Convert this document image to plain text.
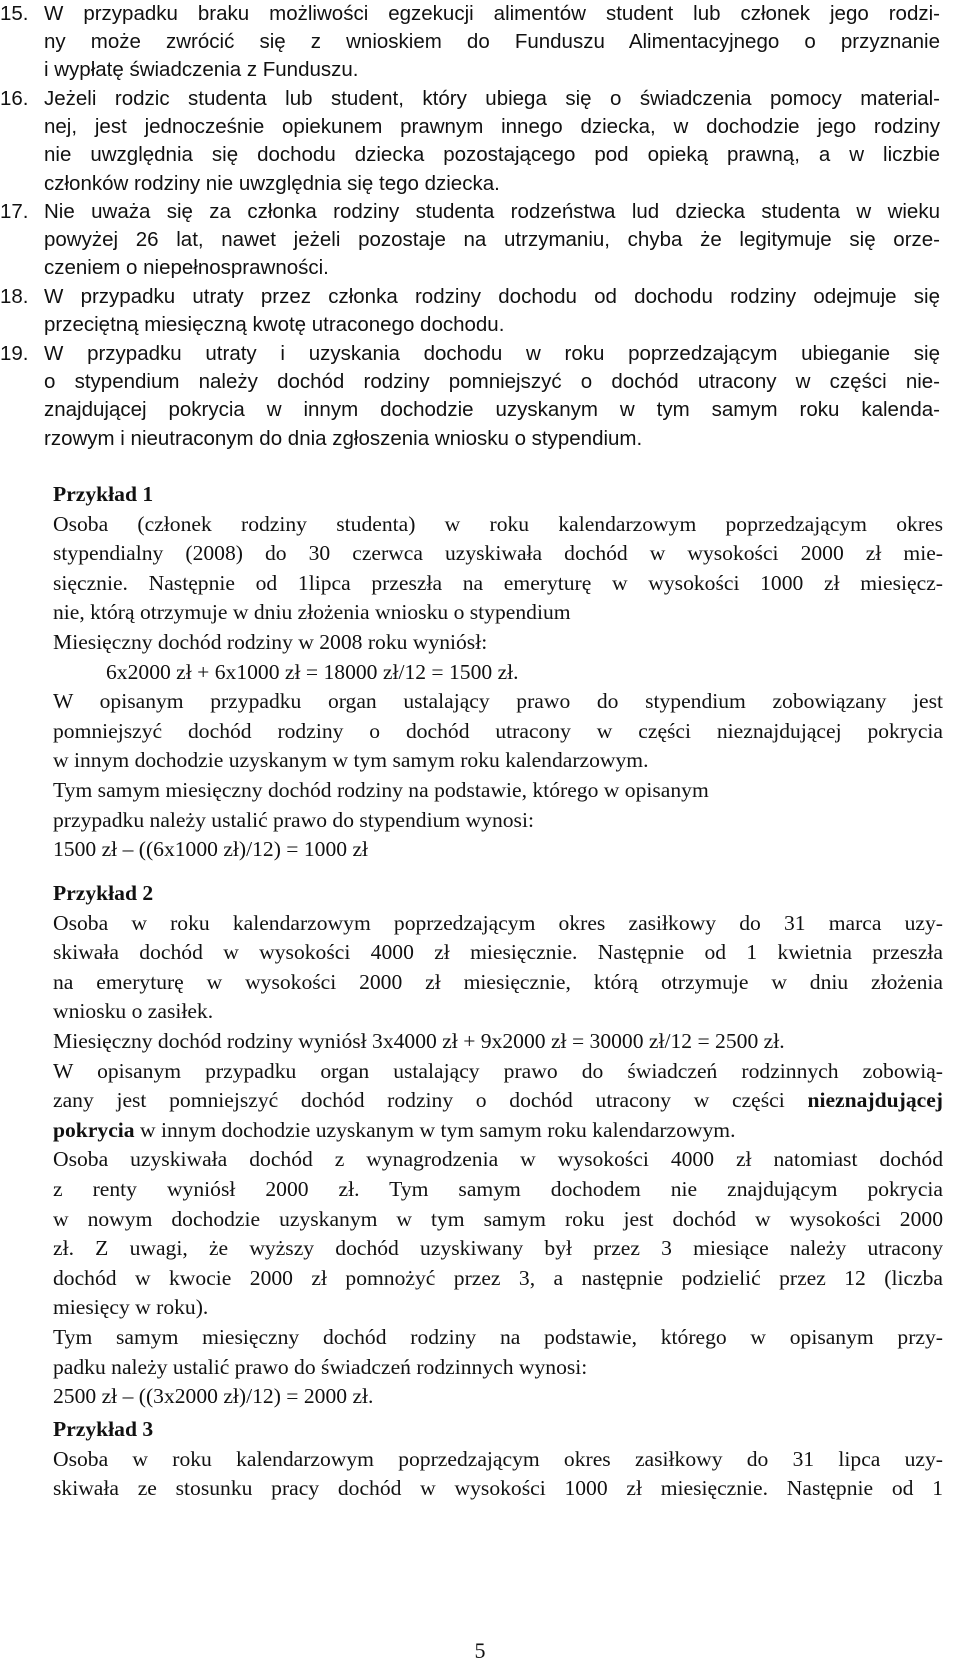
15. W przypadku braku możliwości egzekucji alimentów student lub członek jego rodzi-
ny może zwrócić się z wnioskiem do Funduszu Alimentacyjnego o przyznanie
i wypłatę świadczenia z Funduszu.
16. Jeżeli rodzic studenta lub student, który ubiega się o świadczenia pomocy material-
nej, jest jednocześnie opiekunem prawnym innego dziecka, w dochodzie jego rodziny
nie uwzględnia się dochodu dziecka pozostającego pod opieką prawną, a w liczbie
członków rodziny nie uwzględnia się tego dziecka.
17. Nie uważa się za członka rodziny studenta rodzeństwa lud dziecka studenta w wieku
powyżej 26 lat, nawet jeżeli pozostaje na utrzymaniu, chyba że legitymuje się orze-
czeniem o niepełnosprawności.
18. W przypadku utraty przez członka rodziny dochodu od dochodu rodziny odejmuje się
przeciętną miesięczną kwotę utraconego dochodu.
19. W przypadku utraty i uzyskania dochodu w roku poprzedzającym ubieganie się
o stypendium należy dochód rodziny pomniejszyć o dochód utracony w części nie-
znajdującej pokrycia w innym dochodzie uzyskanym w tym samym roku kalenda-
rzowym i nieutraconym do dnia zgłoszenia wniosku o stypendium.
Przykład 1
Osoba (członek rodziny studenta) w roku kalendarzowym poprzedzającym okres
stypendialny (2008) do 30 czerwca uzyskiwała dochód w wysokości 2000 zł mie-
sięcznie. Następnie od 1lipca przeszła na emeryturę w wysokości 1000 zł miesięcz-
nie, którą otrzymuje w dniu złożenia wniosku o stypendium
Miesięczny dochód rodziny w 2008 roku wyniósł:
6x2000 zł + 6x1000 zł = 18000 zł/12 = 1500 zł.
W opisanym przypadku organ ustalający prawo do stypendium zobowiązany jest
pomniejszyć dochód rodziny o dochód utracony w części nieznajdującej pokrycia
w innym dochodzie uzyskanym w tym samym roku kalendarzowym.
Tym samym miesięczny dochód rodziny na podstawie, którego w opisanym
przypadku należy ustalić prawo do stypendium wynosi:
1500 zł – ((6x1000 zł)/12) = 1000 zł
Przykład 2
Osoba w roku kalendarzowym poprzedzającym okres zasiłkowy do 31 marca uzy-
skiwała dochód w wysokości 4000 zł miesięcznie. Następnie od 1 kwietnia przeszła
na emeryturę w wysokości 2000 zł miesięcznie, którą otrzymuje w dniu złożenia
wniosku o zasiłek.
Miesięczny dochód rodziny wyniósł 3x4000 zł + 9x2000 zł = 30000 zł/12 = 2500 zł.
W opisanym przypadku organ ustalający prawo do świadczeń rodzinnych zobowią-
zany jest pomniejszyć dochód rodziny o dochód utracony w części nieznajdującej
pokrycia w innym dochodzie uzyskanym w tym samym roku kalendarzowym.
Osoba uzyskiwała dochód z wynagrodzenia w wysokości 4000 zł natomiast dochód
z renty wyniósł 2000 zł. Tym samym dochodem nie znajdującym pokrycia
w nowym dochodzie uzyskanym w tym samym roku jest dochód w wysokości 2000
zł. Z uwagi, że wyższy dochód uzyskiwany był przez 3 miesiące należy utracony
dochód w kwocie 2000 zł pomnożyć przez 3, a następnie podzielić przez 12 (liczba
miesięcy w roku).
Tym samym miesięczny dochód rodziny na podstawie, którego w opisanym przy-
padku należy ustalić prawo do świadczeń rodzinnych wynosi:
2500 zł – ((3x2000 zł)/12) = 2000 zł.
Przykład 3
Osoba w roku kalendarzowym poprzedzającym okres zasiłkowy do 31 lipca uzy-
skiwała ze stosunku pracy dochód w wysokości 1000 zł miesięcznie. Następnie od 1
5
